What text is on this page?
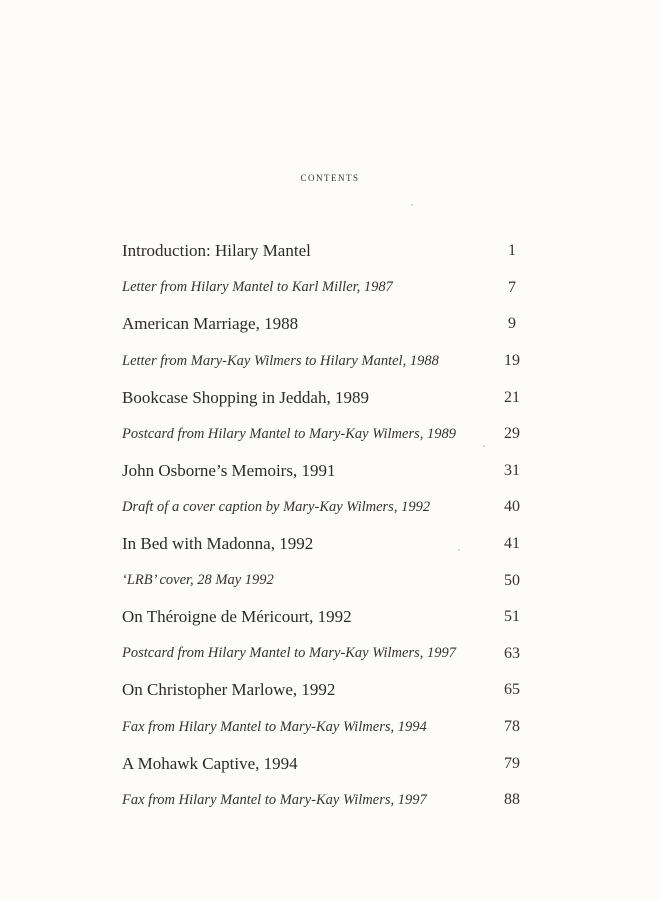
contents
Introduction: Hilary Mantel	1
Letter from Hilary Mantel to Karl Miller, 1987	7
American Marriage, 1988	9
Letter from Mary-Kay Wilmers to Hilary Mantel, 1988	19
Bookcase Shopping in Jeddah, 1989	21
Postcard from Hilary Mantel to Mary-Kay Wilmers, 1989	29
John Osborne’s Memoirs, 1991	31
Draft of a cover caption by Mary-Kay Wilmers, 1992	40
In Bed with Madonna, 1992	41
‘LRB’ cover, 28 May 1992	50
On Théroigne de Méricourt, 1992	51
Postcard from Hilary Mantel to Mary-Kay Wilmers, 1997	63
On Christopher Marlowe, 1992	65
Fax from Hilary Mantel to Mary-Kay Wilmers, 1994	78
A Mohawk Captive, 1994	79
Fax from Hilary Mantel to Mary-Kay Wilmers, 1997	88
